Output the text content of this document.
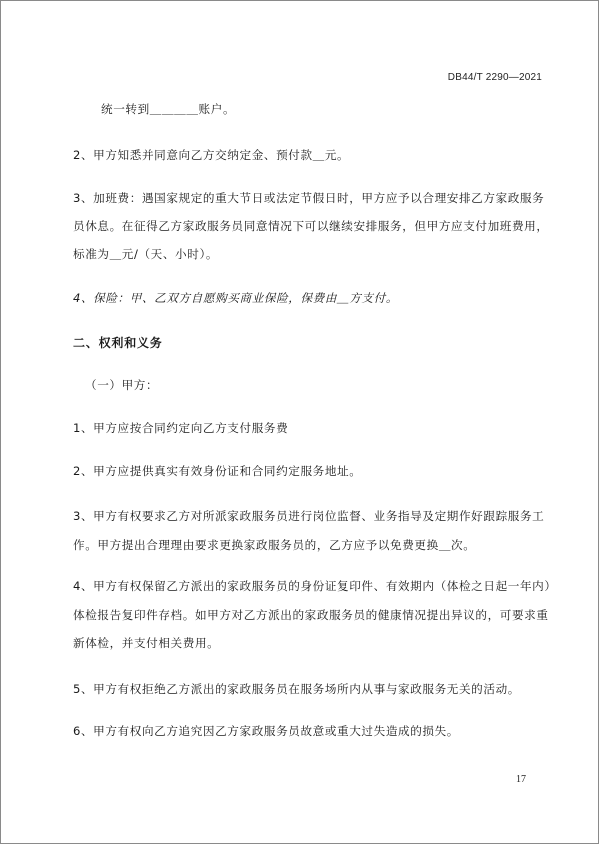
DB44/T 2290—2021
统一转到＿＿＿＿账户。
2、甲方知悉并同意向乙方交纳定金、预付款＿元。
3、加班费：遇国家规定的重大节日或法定节假日时，甲方应予以合理安排乙方家政服务
员休息。在征得乙方家政服务员同意情况下可以继续安排服务，但甲方应支付加班费用，
标准为＿元/（天、小时）。
4、保险：甲、乙双方自愿购买商业保险，保费由＿方支付。
二、权利和义务
（一）甲方：
1、甲方应按合同约定向乙方支付服务费
2、甲方应提供真实有效身份证和合同约定服务地址。
3、甲方有权要求乙方对所派家政服务员进行岗位监督、业务指导及定期作好跟踪服务工
作。甲方提出合理理由要求更换家政服务员的，乙方应予以免费更换＿次。
4、甲方有权保留乙方派出的家政服务员的身份证复印件、有效期内（体检之日起一年内）
体检报告复印件存档。如甲方对乙方派出的家政服务员的健康情况提出异议的，可要求重
新体检，并支付相关费用。
5、甲方有权拒绝乙方派出的家政服务员在服务场所内从事与家政服务无关的活动。
6、甲方有权向乙方追究因乙方家政服务员故意或重大过失造成的损失。
17
